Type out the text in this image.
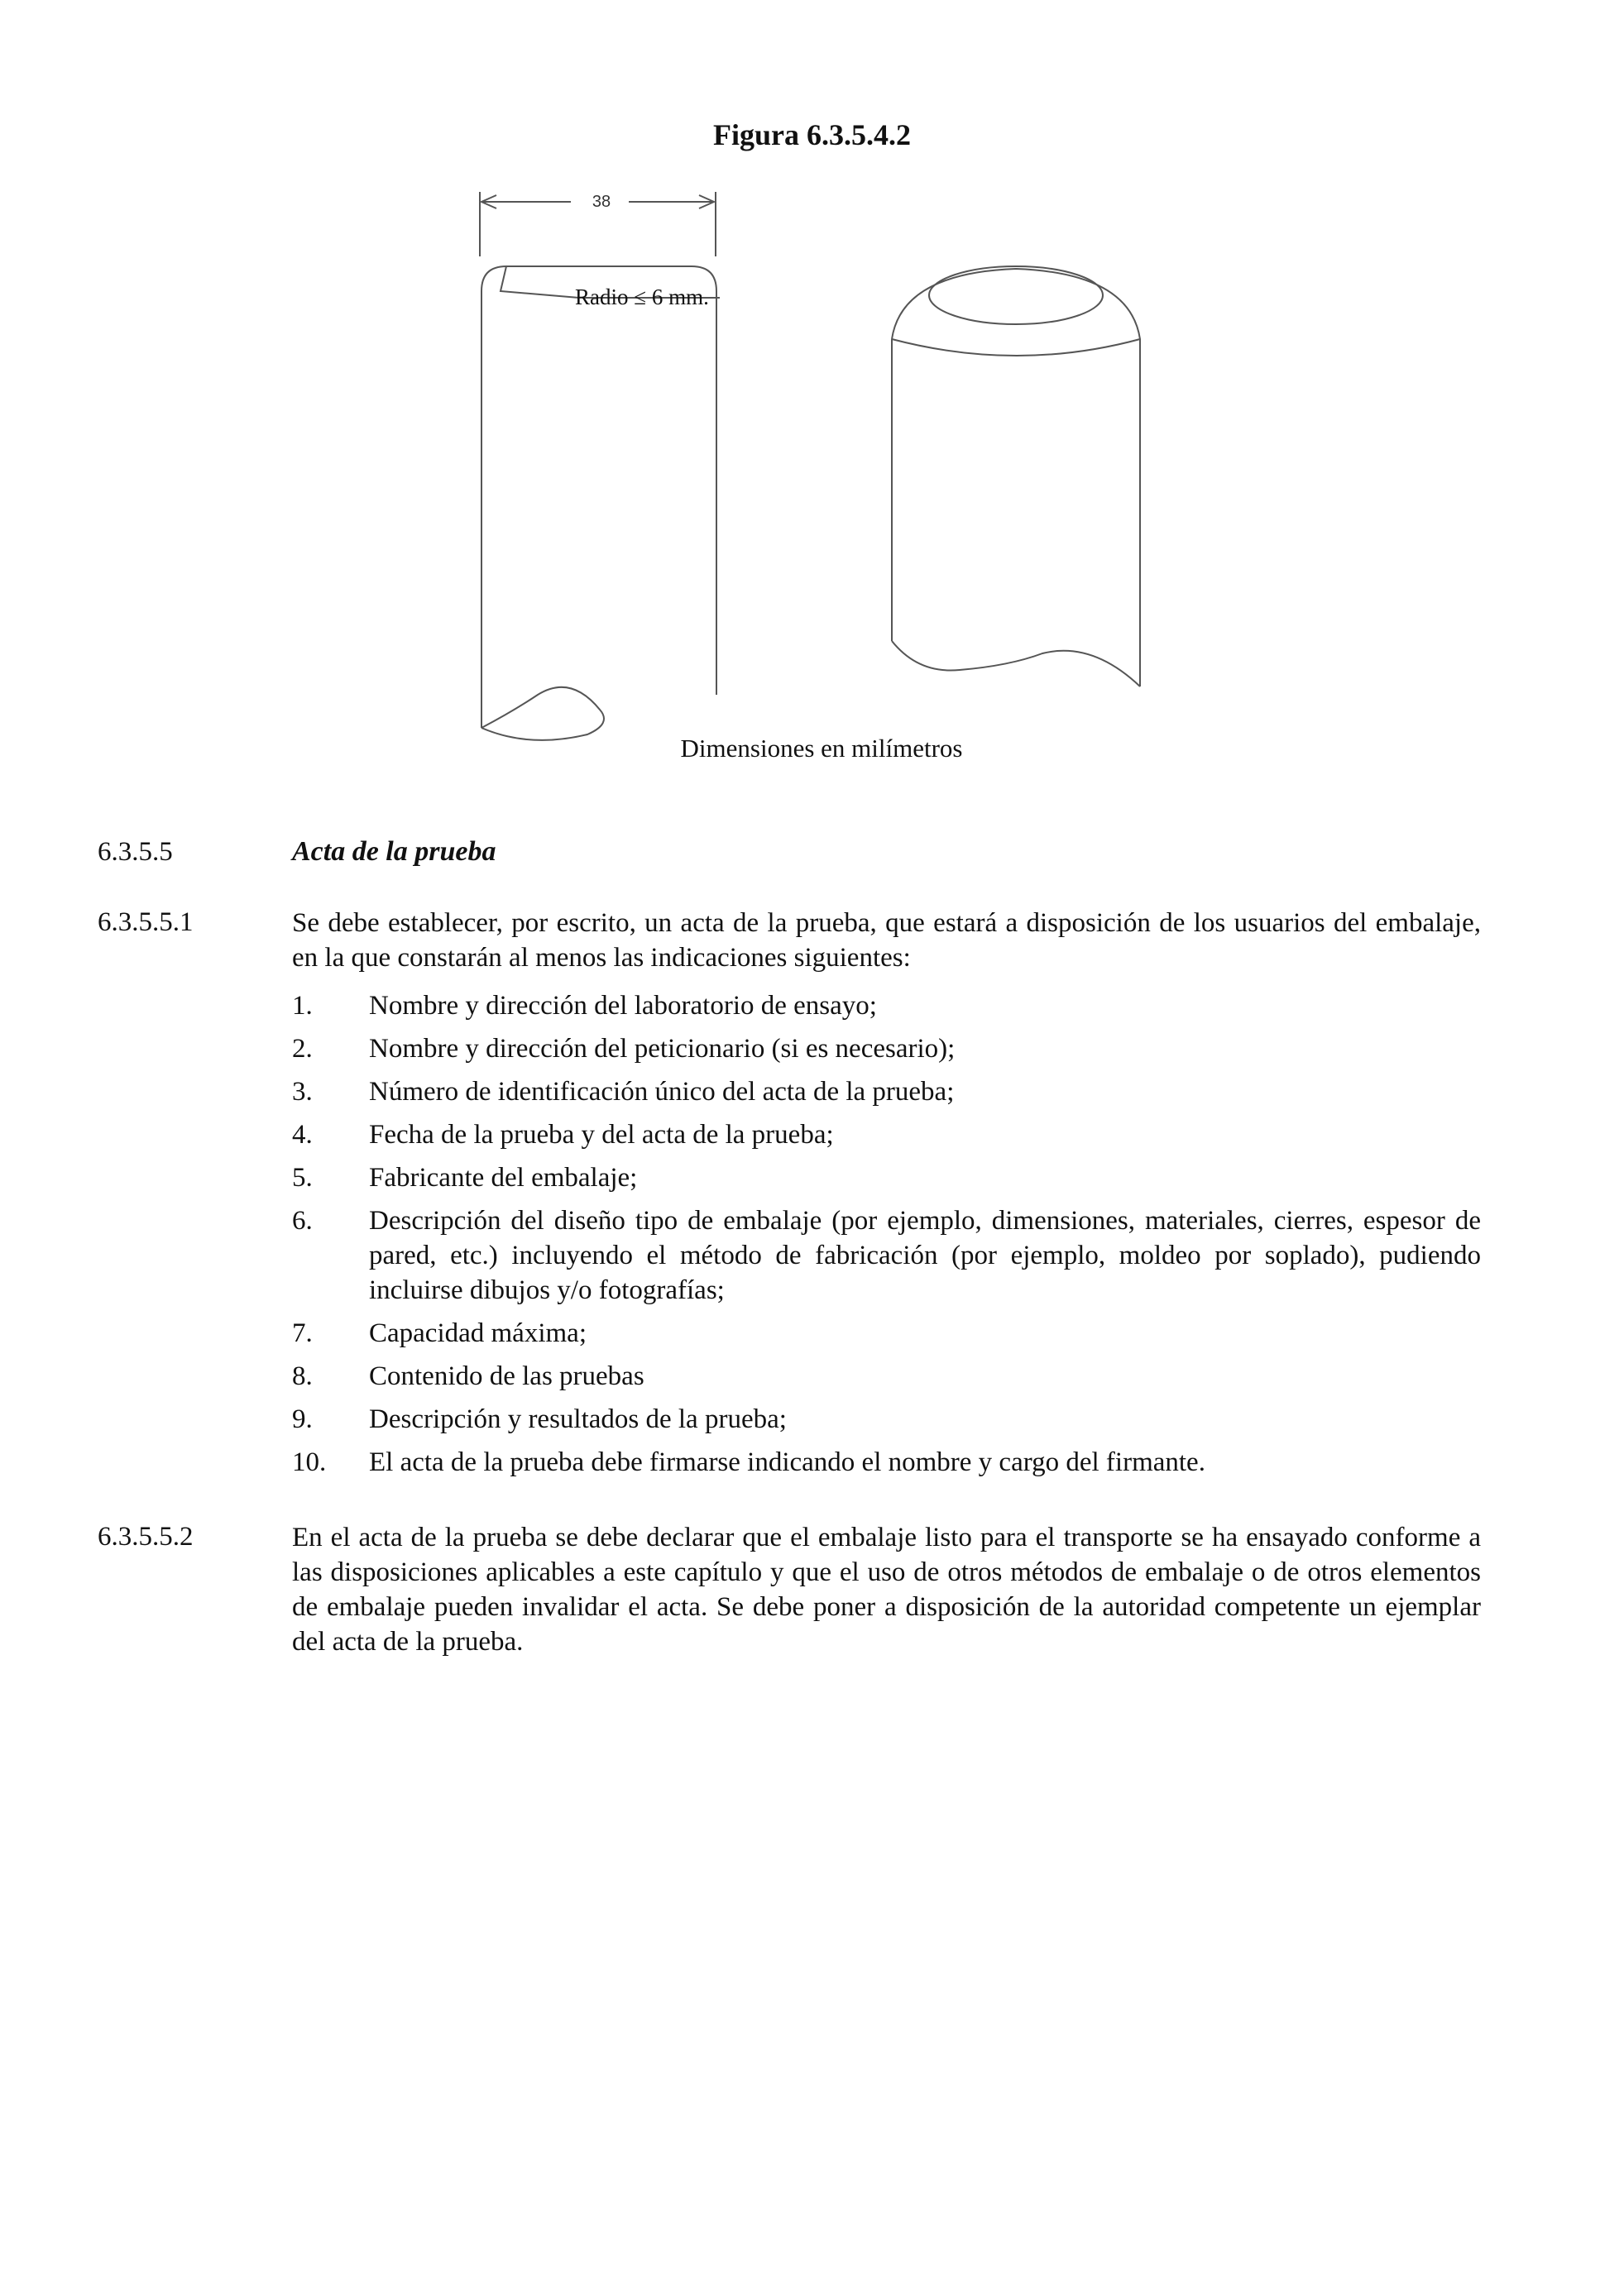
Figura 6.3.5.4.2
38
Radio ≤ 6 mm.
Dimensiones en milímetros
6.3.5.5	Acta de la prueba
6.3.5.5.1	Se debe establecer, por escrito, un acta de la prueba, que estará a disposición de los usuarios del embalaje, en la que constarán al menos las indicaciones siguientes:
1. Nombre y dirección del laboratorio de ensayo;
2. Nombre y dirección del peticionario (si es necesario);
3. Número de identificación único del acta de la prueba;
4. Fecha de la prueba y del acta de la prueba;
5. Fabricante del embalaje;
6. Descripción del diseño tipo de embalaje (por ejemplo, dimensiones, materiales, cierres, espesor de pared, etc.) incluyendo el método de fabricación (por ejemplo, moldeo por soplado), pudiendo incluirse dibujos y/o fotografías;
7. Capacidad máxima;
8. Contenido de las pruebas
9. Descripción y resultados de la prueba;
10. El acta de la prueba debe firmarse indicando el nombre y cargo del firmante.
6.3.5.5.2	En el acta de la prueba se debe declarar que el embalaje listo para el transporte se ha ensayado conforme a las disposiciones aplicables a este capítulo y que el uso de otros métodos de embalaje o de otros elementos de embalaje pueden invalidar el acta. Se debe poner a disposición de la autoridad competente un ejemplar del acta de la prueba.
